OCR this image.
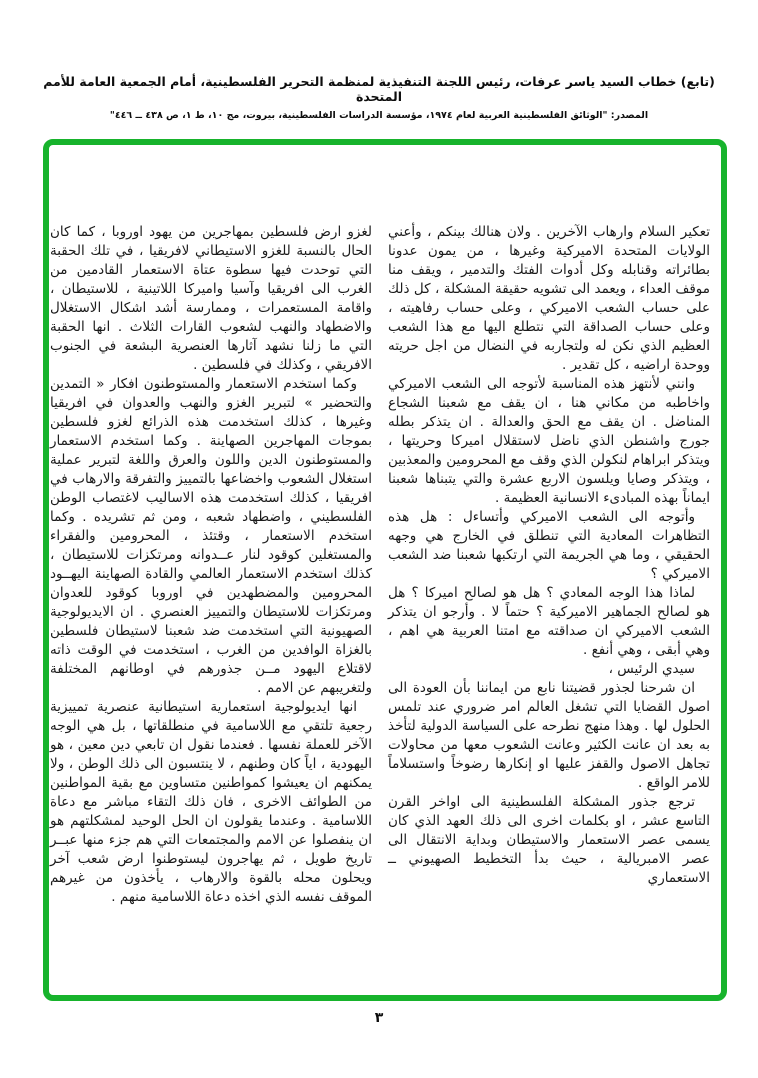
(تابع) خطاب السيد ياسر عرفات، رئيس اللجنة التنفيذية لمنظمة التحرير الفلسطينية، أمام الجمعية العامة للأمم المتحدة
المصدر: "الوثائق الفلسطينية العربية لعام ١٩٧٤، مؤسسة الدراسات الفلسطينية، بيروت، مج ١٠، ط ١، ص ٤٣٨ ــ ٤٤٦"

تعكير السلام وارهاب الآخرين . ولان هنالك بينكم ، وأعني الولايات المتحدة الاميركية وغيرها ، من يمون عدونا بطائراته وقنابله وكل أدوات الفتك والتدمير ، ويقف منا موقف العداء ، ويعمد الى تشويه حقيقة المشكلة ، كل ذلك على حساب الشعب الاميركي ، وعلى حساب رفاهيته ، وعلى حساب الصداقة التي نتطلع اليها مع هذا الشعب العظيم الذي نكن له ولتجاربه في النضال من اجل حريته ووحدة اراضيه ، كل تقدير .

وانني لأنتهز هذه المناسبة لأتوجه الى الشعب الاميركي واخاطبه من مكاني هنا ، ان يقف مع شعبنا الشجاع المناضل . ان يقف مع الحق والعدالة . ان يتذكر بطله جورج واشنطن الذي ناضل لاستقلال اميركا وحريتها ، ويتذكر ابراهام لنكولن الذي وقف مع المحرومين والمعذبين ، ويتذكر وصايا ويلسون الاربع عشرة والتي يتبناها شعبنا ايماناً بهذه المبادىء الانسانية العظيمة .

وأتوجه الى الشعب الاميركي وأتساءل : هل هذه التظاهرات المعادية التي تنطلق في الخارج هي وجهه الحقيقي ، وما هي الجريمة التي ارتكبها شعبنا ضد الشعب الاميركي ؟

لماذا هذا الوجه المعادي ؟ هل هو لصالح اميركا ؟ هل هو لصالح الجماهير الاميركية ؟ حتماً لا . وأرجو ان يتذكر الشعب الاميركي ان صداقته مع امتنا العربية هي اهم ، وهي أبقى ، وهي أنفع .

سيدي الرئيس ،

ان شرحنا لجذور قضيتنا نابع من ايماننا بأن العودة الى اصول القضايا التي تشغل العالم امر ضروري عند تلمس الحلول لها . وهذا منهج نطرحه على السياسة الدولية لتأخذ به بعد ان عانت الكثير وعانت الشعوب معها من محاولات تجاهل الاصول والقفز عليها او إنكارها رضوخاً واستسلاماً للامر الواقع .

ترجع جذور المشكلة الفلسطينية الى اواخر القرن التاسع عشر ، او بكلمات اخرى الى ذلك العهد الذي كان يسمى عصر الاستعمار والاستيطان وبداية الانتقال الى عصر الامبريالية ، حيث بدأ التخطيط الصهيوني ــ الاستعماري

لغزو ارض فلسطين بمهاجرين من يهود اوروبا ، كما كان الحال بالنسبة للغزو الاستيطاني لافريقيا ، في تلك الحقبة التي توحدت فيها سطوة عتاة الاستعمار القادمين من الغرب الى افريقيا وآسيا واميركا اللاتينية ، للاستيطان ، واقامة المستعمرات ، وممارسة أشد اشكال الاستغلال والاضطهاد والنهب لشعوب القارات الثلاث . انها الحقبة التي ما زلنا نشهد آثارها العنصرية البشعة في الجنوب الافريقي ، وكذلك في فلسطين .

وكما استخدم الاستعمار والمستوطنون افكار « التمدين والتحضير » لتبرير الغزو والنهب والعدوان في افريقيا وغيرها ، كذلك استخدمت هذه الذرائع لغزو فلسطين بموجات المهاجرين الصهاينة . وكما استخدم الاستعمار والمستوطنون الدين واللون والعرق واللغة لتبرير عملية استغلال الشعوب واخضاعها بالتمييز والتفرقة والارهاب في افريقيا ، كذلك استخدمت هذه الاساليب لاغتصاب الوطن الفلسطيني ، واضطهاد شعبه ، ومن ثم تشريده . وكما استخدم الاستعمار ، وقتئذ ، المحرومين والفقراء والمستغلين كوقود لنار عــدوانه ومرتكزات للاستيطان ، كذلك استخدم الاستعمار العالمي والقادة الصهاينة اليهــود المحرومين والمضطهدين في اوروبا كوقود للعدوان ومرتكزات للاستيطان والتمييز العنصري . ان الايديولوجية الصهيونية التي استخدمت ضد شعبنا لاستيطان فلسطين بالغزاة الوافدين من الغرب ، استخدمت في الوقت ذاته لاقتلاع اليهود مــن جذورهم في اوطانهم المختلفة ولتغريبهم عن الامم .

انها ايديولوجية استعمارية استيطانية عنصرية تمييزية رجعية تلتقي مع اللاسامية في منطلقاتها ، بل هي الوجه الآخر للعملة نفسها . فعندما نقول ان تابعي دين معين ، هو اليهودية ، اياً كان وطنهم ، لا ينتسبون الى ذلك الوطن ، ولا يمكنهم ان يعيشوا كمواطنين متساوين مع بقية المواطنين من الطوائف الاخرى ، فان ذلك التقاء مباشر مع دعاة اللاسامية . وعندما يقولون ان الحل الوحيد لمشكلتهم هو ان ينفصلوا عن الامم والمجتمعات التي هم جزء منها عبــر تاريخ طويل ، ثم يهاجرون ليستوطنوا ارض شعب آخر ويحلون محله بالقوة والارهاب ، يأخذون من غيرهم الموقف نفسه الذي اخذه دعاة اللاسامية منهم .

٣
